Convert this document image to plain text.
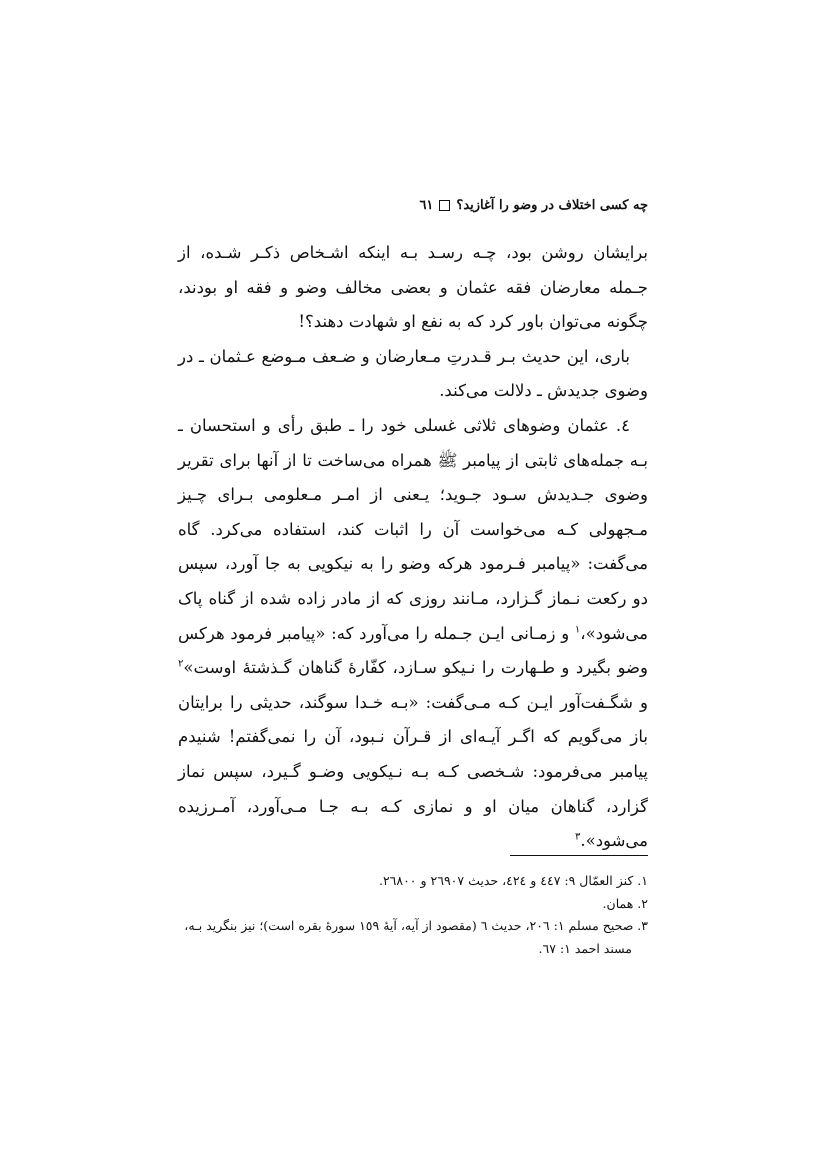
چه کسی اختلاف در وضو را آغازید؟٦١

برایشان روشن بود، چـه رسـد بـه اینکه اشـخاص ذکـر شـده، از جـمله معارضان فقه عثمان و بعضی مخالف وضو و فقه او بودند، چگونه می‌توان باور کرد که به نفع او شهادت دهند؟!

باری، این حدیث بـر قـدرتِ مـعارضان و ضـعف مـوضع عـثمان ـ در وضوی جدیدش ـ دلالت می‌کند.

٤. عثمان وضوهای ثلاثی غسلی خود را ـ طبق رأی و استحسان ـ بـه جمله‌های ثابتی از پیامبر ﷺ همراه می‌ساخت تا از آنها برای تقریر وضوی جـدیدش سـود جـوید؛ یـعنی از امـر مـعلومی بـرای چـیز مـجهولی کـه می‌خواست آن را اثبات کند، استفاده می‌کرد. گاه می‌گفت: «پیامبر فـرمود هرکه وضو را به نیکویی به جا آورد، سپس دو رکعت نـماز گـزارد، مـانند روزی که از مادر زاده شده از گناه پاک می‌شود»،$^١$ و زمـانی ایـن جـمله را می‌آورد که: «پیامبر فرمود هرکس وضو بگیرد و طـهارت را نـیکو سـازد، کفّارهٔ گناهان گـذشتهٔ اوست»$^٢$ و شگـفت‌آور ایـن کـه مـی‌گفت: «بـه خـدا سوگند، حدیثی را برایتان باز می‌گویم که اگـر آیـه‌ای از قـرآن نـبود، آن را نمی‌گفتم! شنیدم پیامبر می‌فرمود: شـخصی کـه بـه نـیکویی وضـو گـیرد، سپس نماز گزارد، گناهان میان او و نمازی کـه بـه جـا مـی‌آورد، آمـرزیده می‌شود».$^٣$

١. کنز العمّال ٩: ٤٤٧ و ٤٢٤، حدیث ٢٦٩٠٧ و ٢٦٨٠٠.

٢. همان.

٣. صحیح مسلم ١: ٢٠٦، حدیث ٦ (مقصود از آیه، آیهٔ ١٥٩ سورهٔ بقره است)؛ نیز بنگرید بـه،

مسند احمد ١: ٦٧.
